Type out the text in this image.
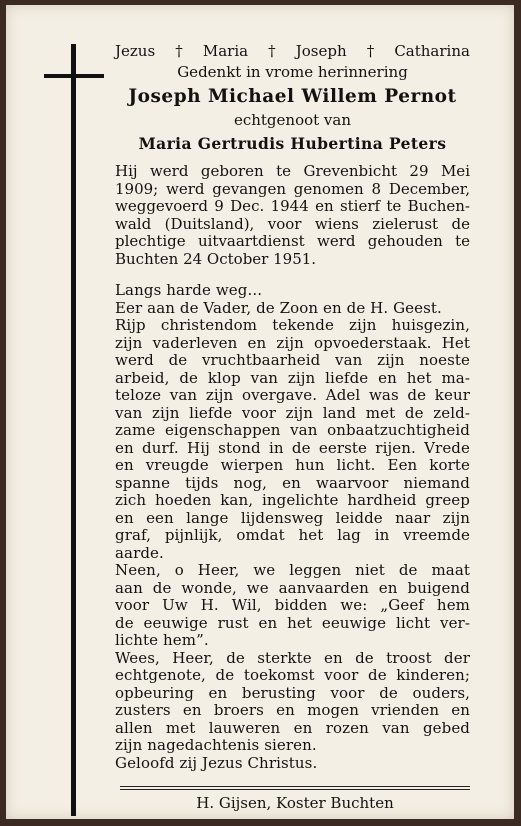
Jezus † Maria † Joseph † Catharina
Gedenkt in vrome herinnering
Joseph Michael Willem Pernot
echtgenoot van
Maria Gertrudis Hubertina Peters

Hij werd geboren te Grevenbicht 29 Mei

1909; werd gevangen genomen 8 December,

weggevoerd 9 Dec. 1944 en stierf te Buchen-

wald (Duitsland), voor wiens zielerust de

plechtige uitvaartdienst werd gehouden te

Buchten 24 October 1951.

Langs harde weg...

Eer aan de Vader, de Zoon en de H. Geest.

Rijp christendom tekende zijn huisgezin,

zijn vaderleven en zijn opvoederstaak. Het

werd de vruchtbaarheid van zijn noeste

arbeid, de klop van zijn liefde en het ma-

teloze van zijn overgave. Adel was de keur

van zijn liefde voor zijn land met de zeld-

zame eigenschappen van onbaatzuchtigheid

en durf. Hij stond in de eerste rijen. Vrede

en vreugde wierpen hun licht. Een korte

spanne tijds nog, en waarvoor niemand

zich hoeden kan, ingelichte hardheid greep

en een lange lijdensweg leidde naar zijn

graf, pijnlijk, omdat het lag in vreemde

aarde.

Neen, o Heer, we leggen niet de maat

aan de wonde, we aanvaarden en buigend

voor Uw H. Wil, bidden we: „Geef hem

de eeuwige rust en het eeuwige licht ver-

lichte hem”.

Wees, Heer, de sterkte en de troost der

echtgenote, de toekomst voor de kinderen;

opbeuring en berusting voor de ouders,

zusters en broers en mogen vrienden en

allen met lauweren en rozen van gebed

zijn nagedachtenis sieren.

Geloofd zij Jezus Christus.

H. Gijsen, Koster Buchten
